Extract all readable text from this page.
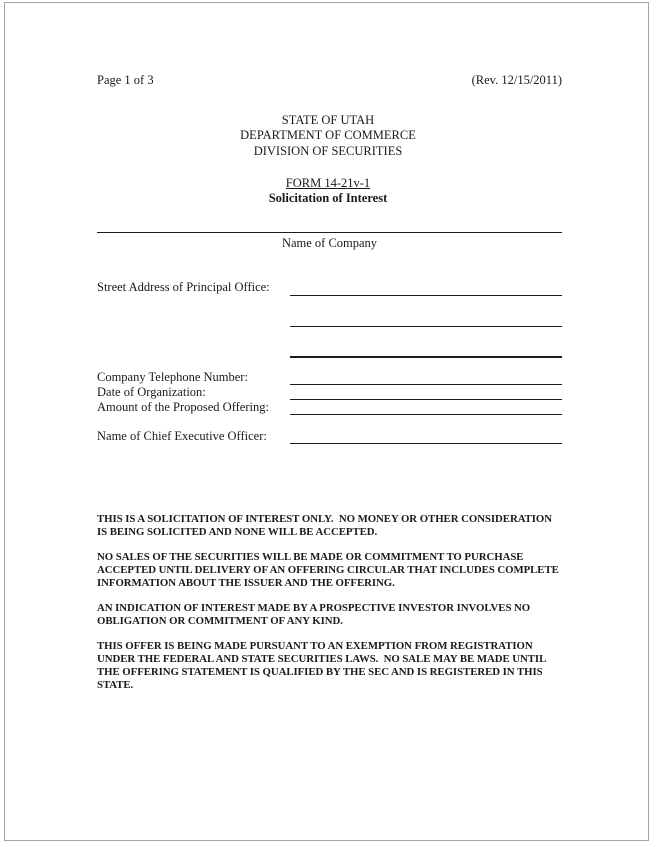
Page 1 of 3	(Rev. 12/15/2011)
STATE OF UTAH
DEPARTMENT OF COMMERCE
DIVISION OF SECURITIES
FORM 14-21v-1
Solicitation of Interest
Name of Company
Street Address of Principal Office:
Company Telephone Number:
Date of Organization:
Amount of the Proposed Offering:
Name of Chief Executive Officer:

THIS IS A SOLICITATION OF INTEREST ONLY.  NO MONEY OR OTHER CONSIDERATION IS BEING SOLICITED AND NONE WILL BE ACCEPTED.

NO SALES OF THE SECURITIES WILL BE MADE OR COMMITMENT TO PURCHASE ACCEPTED UNTIL DELIVERY OF AN OFFERING CIRCULAR THAT INCLUDES COMPLETE INFORMATION ABOUT THE ISSUER AND THE OFFERING.

AN INDICATION OF INTEREST MADE BY A PROSPECTIVE INVESTOR INVOLVES NO OBLIGATION OR COMMITMENT OF ANY KIND.

THIS OFFER IS BEING MADE PURSUANT TO AN EXEMPTION FROM REGISTRATION UNDER THE FEDERAL AND STATE SECURITIES LAWS.  NO SALE MAY BE MADE UNTIL THE OFFERING STATEMENT IS QUALIFIED BY THE SEC AND IS REGISTERED IN THIS STATE.
